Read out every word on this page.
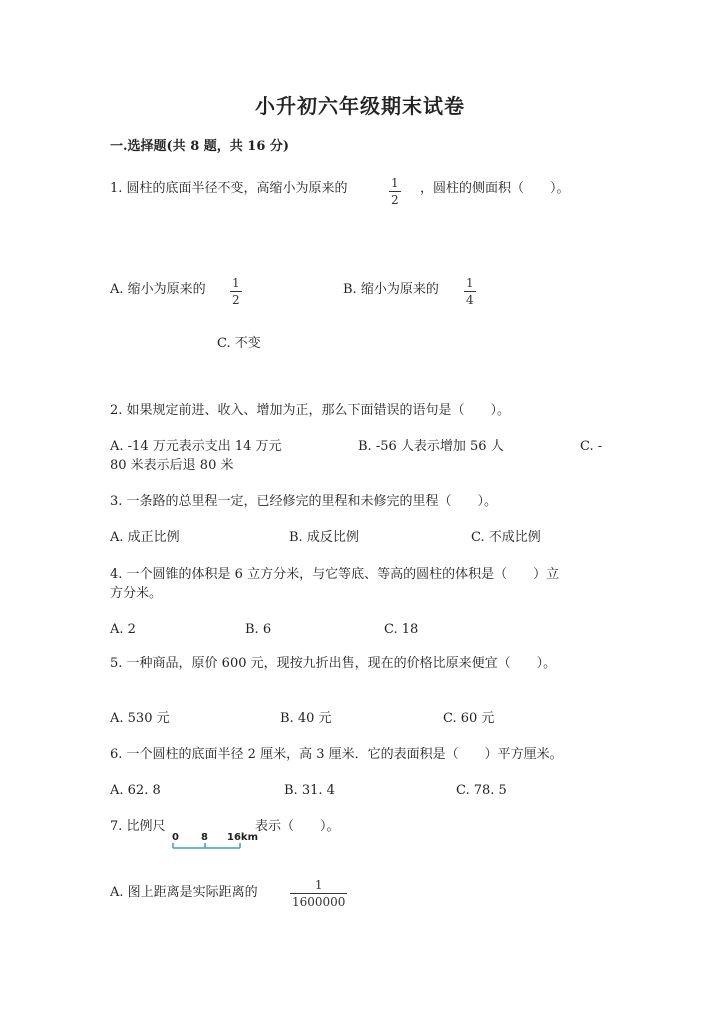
小升初六年级期末试卷
一.选择题(共 8 题，共 16 分)
1. 圆柱的底面半径不变，高缩小为原来的	1
2
，圆柱的侧面积（　　）。
A. 缩小为原来的 1
2
B. 缩小为原来的 1
4
C. 不变
2. 如果规定前进、收入、增加为正，那么下面错误的语句是（　　）。
A. -14 万元表示支出 14 万元	B. -56 人表示增加 56 人	C. -
80 米表示后退 80 米
3. 一条路的总里程一定，已经修完的里程和未修完的里程（　　）。
A. 成正比例	B. 成反比例	C. 不成比例
4. 一个圆锥的体积是 6 立方分米，与它等底、等高的圆柱的体积是（　　）立
方分米。
A. 2	B. 6	C. 18
5. 一种商品，原价 600 元，现按九折出售，现在的价格比原来便宜（　　）。
A. 530 元	B. 40 元	C. 60 元
6. 一个圆柱的底面半径 2 厘米，高 3 厘米．它的表面积是（　　）平方厘米。
A. 62. 8	B. 31. 4	C. 78. 5
7. 比例尺
0 8 16km
表示（　　）。
A. 图上距离是实际距离的	1
1600000
